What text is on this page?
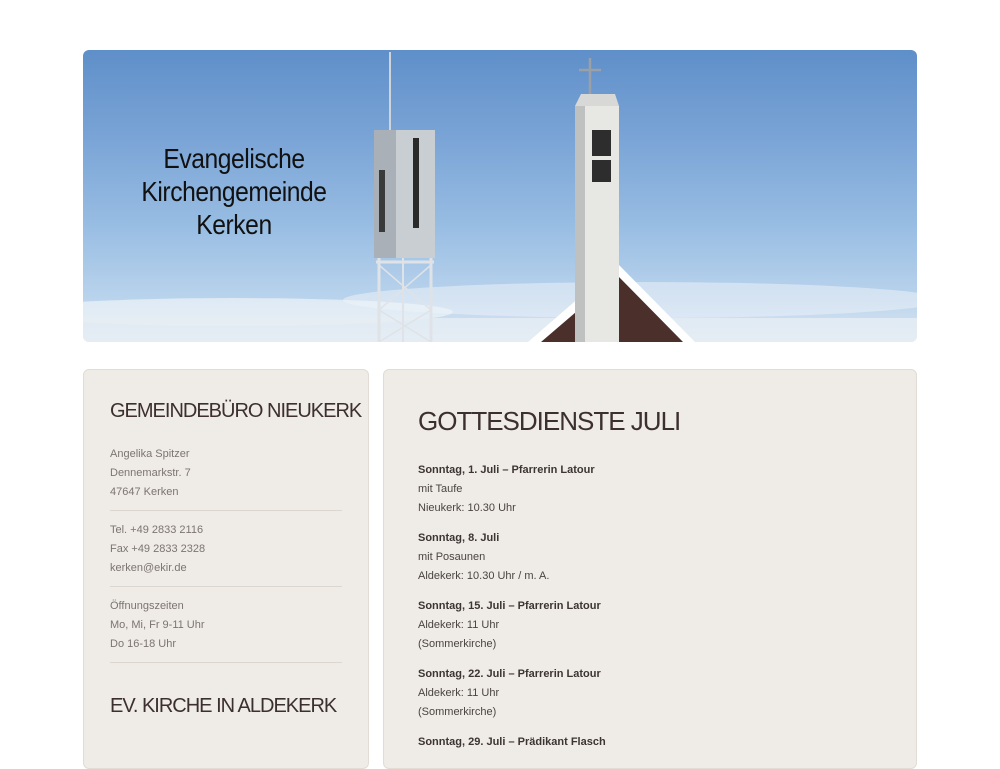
Evangelische
Kirchengemeinde
Kerken
GEMEINDEBÜRO NIEUKERK
Angelika Spitzer
Dennemarkstr. 7
47647 Kerken
Tel. +49 2833 2116
Fax +49 2833 2328
kerken@ekir.de
Öffnungszeiten
Mo, Mi, Fr 9-11 Uhr
Do 16-18 Uhr
EV. KIRCHE IN ALDEKERK
GOTTESDIENSTE JULI
Sonntag, 1. Juli – Pfarrerin Latour
mit Taufe
Nieukerk: 10.30 Uhr
Sonntag, 8. Juli
mit Posaunen
Aldekerk: 10.30 Uhr / m. A.
Sonntag, 15. Juli – Pfarrerin Latour
Aldekerk: 11 Uhr
(Sommerkirche)
Sonntag, 22. Juli – Pfarrerin Latour
Aldekerk: 11 Uhr
(Sommerkirche)
Sonntag, 29. Juli – Prädikant Flasch
